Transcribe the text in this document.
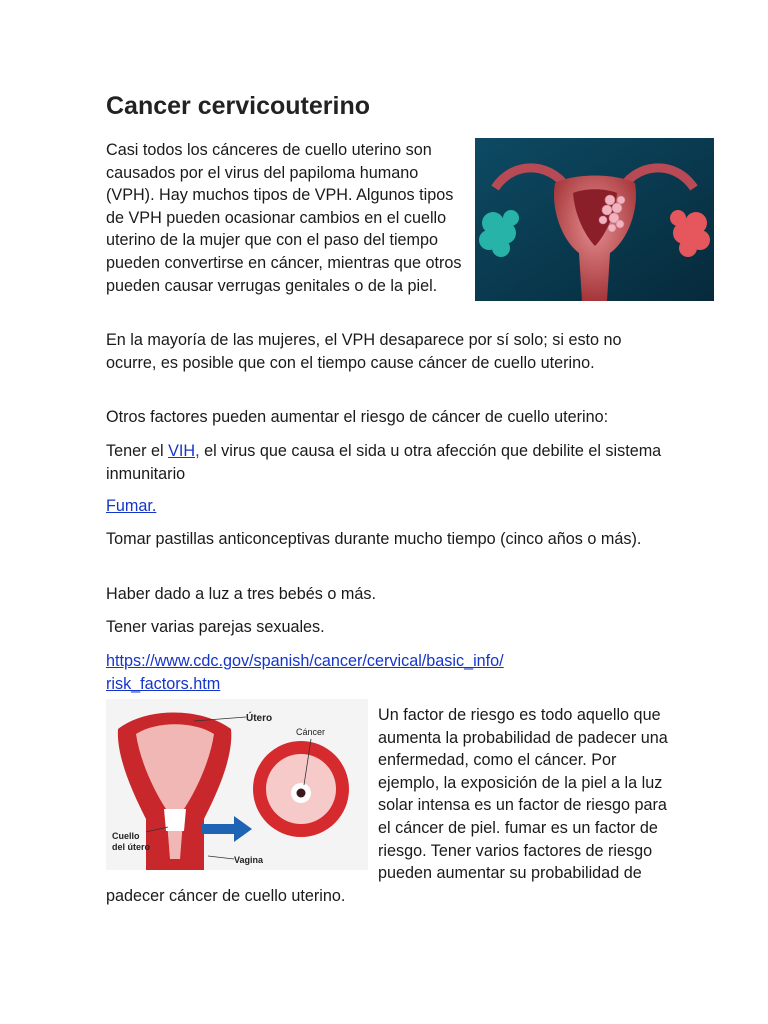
Cancer cervicouterino

Casi todos los cánceres de cuello uterino son causados por el virus del papiloma humano (VPH). Hay muchos tipos de VPH. Algunos tipos de VPH pueden ocasionar cambios en el cuello uterino de la mujer que con el paso del tiempo pueden convertirse en cáncer, mientras que otros pueden causar verrugas genitales o de la piel.

En la mayoría de las mujeres, el VPH desaparece por sí solo; si esto no ocurre, es posible que con el tiempo cause cáncer de cuello uterino.

Otros factores pueden aumentar el riesgo de cáncer de cuello uterino:

Tener el VIH, el virus que causa el sida u otra afección que debilite el sistema inmunitario

Fumar.

Tomar pastillas anticonceptivas durante mucho tiempo (cinco años o más).

Haber dado a luz a tres bebés o más.

Tener varias parejas sexuales.

https://www.cdc.gov/spanish/cancer/cervical/basic_info/
risk_factors.htm

Útero
Cáncer
Cuello
del útero
Vagina
Un factor de riesgo es todo aquello que aumenta la probabilidad de padecer una enfermedad, como el cáncer. Por ejemplo, la exposición de la piel a la luz solar intensa es un factor de riesgo para el cáncer de piel. fumar es un factor de riesgo. Tener varios factores de riesgo pueden aumentar su probabilidad de padecer cáncer de cuello uterino.
